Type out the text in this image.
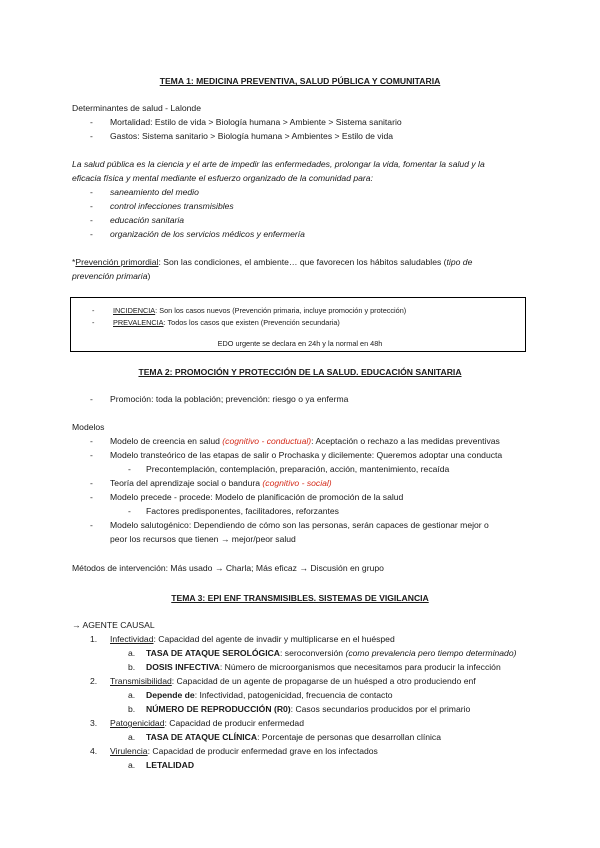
TEMA 1: MEDICINA PREVENTIVA, SALUD PÚBLICA Y COMUNITARIA
Determinantes de salud - Lalonde
- Mortalidad: Estilo de vida > Biología humana > Ambiente > Sistema sanitario
- Gastos: Sistema sanitario > Biología humana > Ambientes > Estilo de vida
La salud pública es la ciencia y el arte de impedir las enfermedades, prolongar la vida, fomentar la salud y la
eficacia física y mental mediante el esfuerzo organizado de la comunidad para:
- saneamiento del medio
- control infecciones transmisibles
- educación sanitaria
- organización de los servicios médicos y enfermería
*Prevención primordial: Son las condiciones, el ambiente… que favorecen los hábitos saludables (tipo de
prevención primaria)
-	INCIDENCIA: Son los casos nuevos (Prevención primaria, incluye promoción y protección)
-	PREVALENCIA: Todos los casos que existen (Prevención secundaria)
EDO urgente se declara en 24h y la normal en 48h
TEMA 2: PROMOCIÓN Y PROTECCIÓN DE LA SALUD. EDUCACIÓN SANITARIA
- Promoción: toda la población; prevención: riesgo o ya enferma
Modelos
- Modelo de creencia en salud (cognitivo - conductual): Aceptación o rechazo a las medidas preventivas
- Modelo transteórico de las etapas de salir o Prochaska y dicilemente: Queremos adoptar una conducta
- Precontemplación, contemplación, preparación, acción, mantenimiento, recaída
- Teoría del aprendizaje social o bandura (cognitivo - social)
- Modelo precede - procede: Modelo de planificación de promoción de la salud
- Factores predisponentes, facilitadores, reforzantes
- Modelo salutogénico: Dependiendo de cómo son las personas, serán capaces de gestionar mejor o
peor los recursos que tienen → mejor/peor salud
Métodos de intervención: Más usado → Charla; Más eficaz → Discusión en grupo
TEMA 3: EPI ENF TRANSMISIBLES. SISTEMAS DE VIGILANCIA
→ AGENTE CAUSAL
1. Infectividad: Capacidad del agente de invadir y multiplicarse en el huésped
a. TASA DE ATAQUE SEROLÓGICA: seroconversión (como prevalencia pero tiempo determinado)
b. DOSIS INFECTIVA: Número de microorganismos que necesitamos para producir la infección
2. Transmisibilidad: Capacidad de un agente de propagarse de un huésped a otro produciendo enf
a. Depende de: Infectividad, patogenicidad, frecuencia de contacto
b. NÚMERO DE REPRODUCCIÓN (R0): Casos secundarios producidos por el primario
3. Patogenicidad: Capacidad de producir enfermedad
a. TASA DE ATAQUE CLÍNICA: Porcentaje de personas que desarrollan clínica
4. Virulencia: Capacidad de producir enfermedad grave en los infectados
a. LETALIDAD
